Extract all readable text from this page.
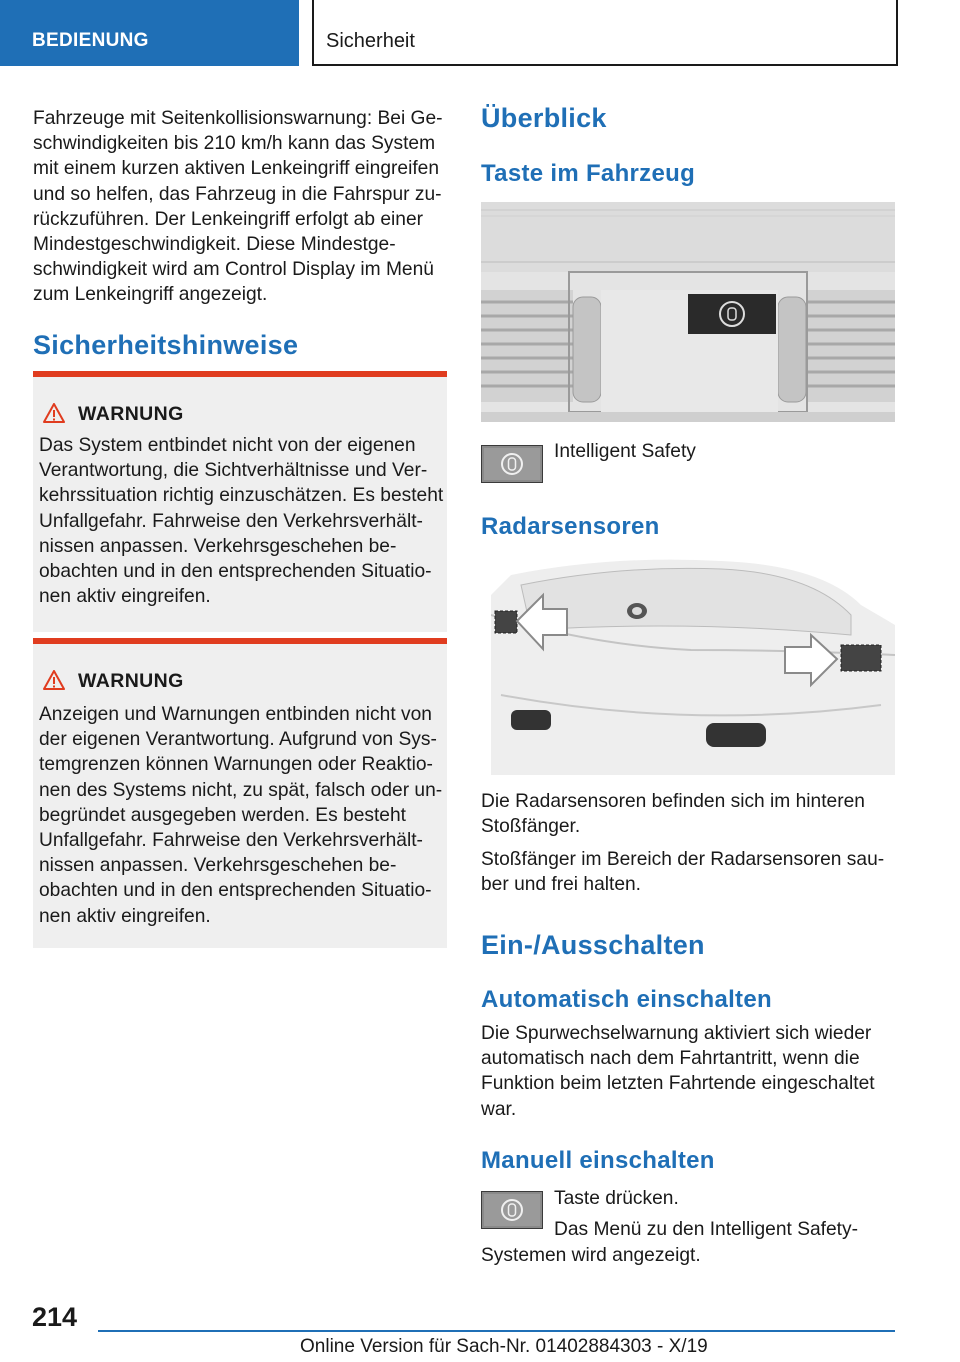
BEDIENUNG	Sicherheit
Fahrzeuge mit Seitenkollisionswarnung: Bei Ge‐
schwindigkeiten bis 210 km/h kann das System
mit einem kurzen aktiven Lenkeingriff eingreifen
und so helfen, das Fahrzeug in die Fahrspur zu‐
rückzuführen. Der Lenkeingriff erfolgt ab einer
Mindestgeschwindigkeit. Diese Mindestge‐
schwindigkeit wird am Control Display im Menü
zum Lenkeingriff angezeigt.
Sicherheitshinweise
WARNUNG
Das System entbindet nicht von der eigenen
Verantwortung, die Sichtverhältnisse und Ver‐
kehrssituation richtig einzuschätzen. Es besteht
Unfallgefahr. Fahrweise den Verkehrsverhält‐
nissen anpassen. Verkehrsgeschehen be‐
obachten und in den entsprechenden Situatio‐
nen aktiv eingreifen.
WARNUNG
Anzeigen und Warnungen entbinden nicht von
der eigenen Verantwortung. Aufgrund von Sys‐
temgrenzen können Warnungen oder Reaktio‐
nen des Systems nicht, zu spät, falsch oder un‐
begründet ausgegeben werden. Es besteht
Unfallgefahr. Fahrweise den Verkehrsverhält‐
nissen anpassen. Verkehrsgeschehen be‐
obachten und in den entsprechenden Situatio‐
nen aktiv eingreifen.
Überblick
Taste im Fahrzeug
Intelligent Safety
Radarsensoren
Die Radarsensoren befinden sich im hinteren
Stoßfänger.
Stoßfänger im Bereich der Radarsensoren sau‐
ber und frei halten.
Ein-/Ausschalten
Automatisch einschalten
Die Spurwechselwarnung aktiviert sich wieder
automatisch nach dem Fahrtantritt, wenn die
Funktion beim letzten Fahrtende eingeschaltet
war.
Manuell einschalten
Taste drücken.
Das Menü zu den Intelligent Safety‐
Systemen wird angezeigt.
214
Online Version für Sach-Nr. 01402884303 - X/19
